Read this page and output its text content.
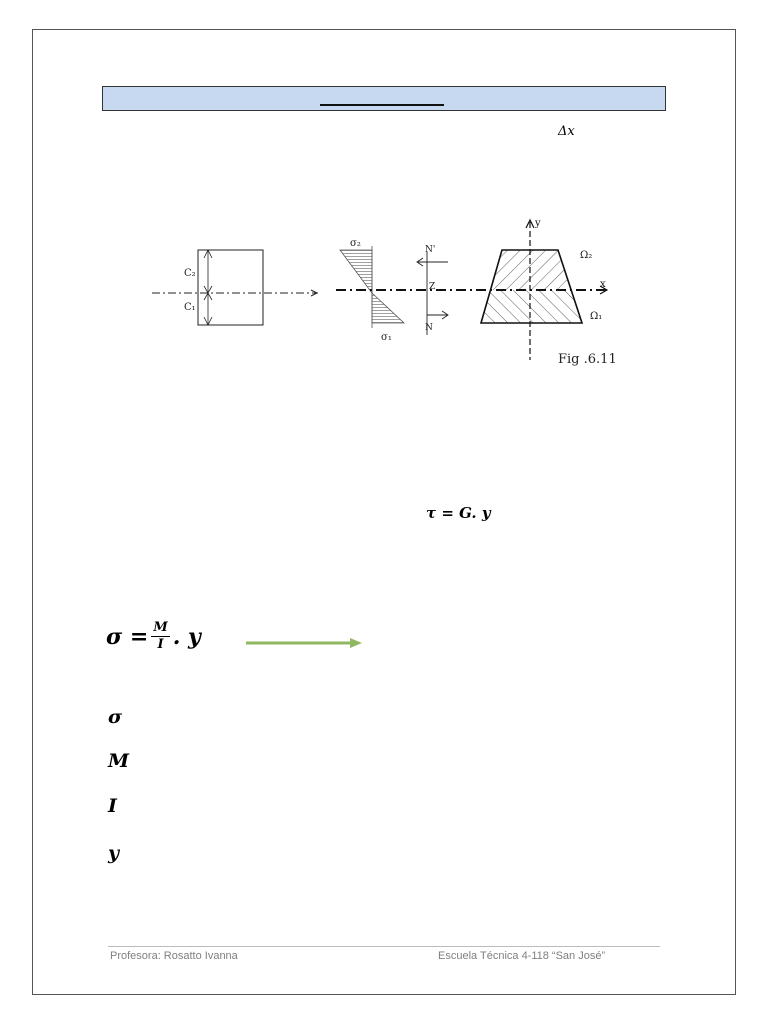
Δx
C₂
C₁
σ₂
σ₁
N'
Z
N
y
x
Ω₂
Ω₁
Fig .6.11
τ = G. y
$\sigma = \frac{M}{I}$ . y
σ
M
I
y
Profesora: Rosatto Ivanna	Escuela Técnica 4-118 “San José”
